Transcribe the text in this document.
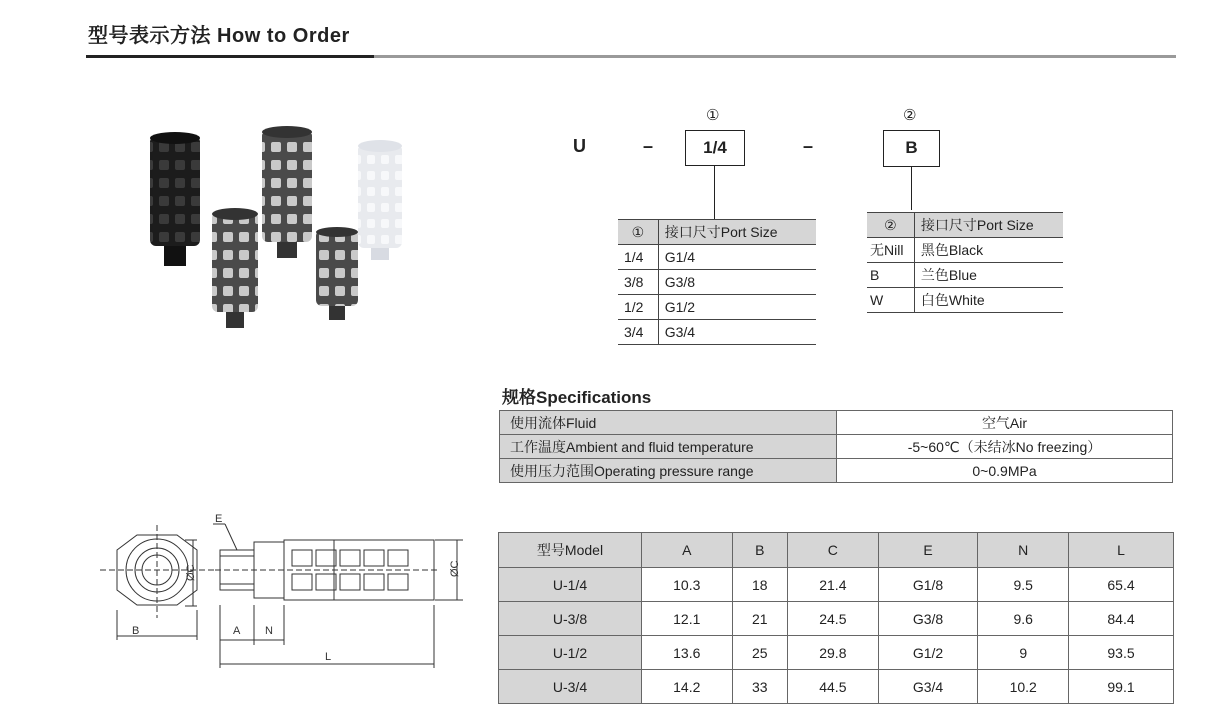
型号表示方法 How to Order
U	–
①
1/4	–
②
B
①	接口尺寸Port Size
1/4	G1/4
3/8	G3/8
1/2	G1/2
3/4	G3/4
②	接口尺寸Port Size
无Nill	黑色Black
B	兰色Blue
W	白色White
规格Specifications
使用流体Fluid	空气Air
工作温度Ambient and fluid temperature	-5~60℃（未结冰No freezing）
使用压力范围Operating pressure range	0~0.9MPa
ØC
B
E
ØC
A N
L
型号Model	A	B	C	E	N	L
U-1/4	10.3	18	21.4	G1/8	9.5	65.4
U-3/8	12.1	21	24.5	G3/8	9.6	84.4
U-1/2	13.6	25	29.8	G1/2	9	93.5
U-3/4	14.2	33	44.5	G3/4	10.2	99.1
